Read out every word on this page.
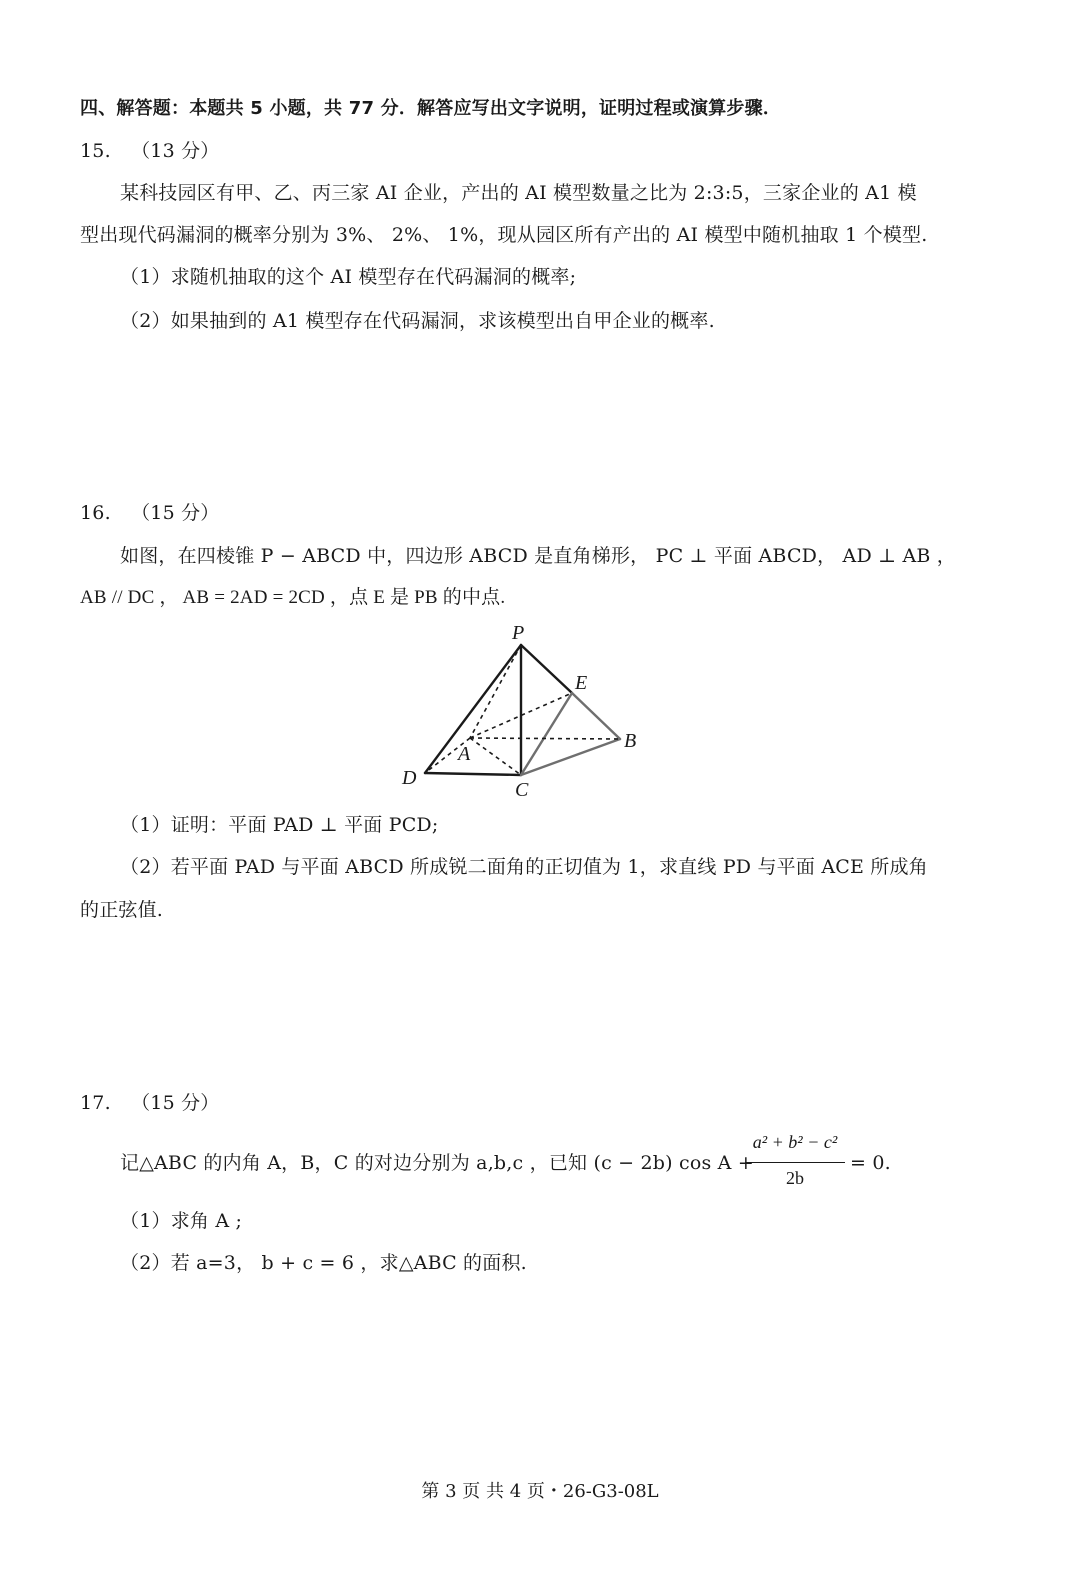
四、解答题：本题共 5 小题，共 77 分．解答应写出文字说明，证明过程或演算步骤．
15. （13 分）
某科技园区有甲、乙、丙三家 AI 企业，产出的 AI 模型数量之比为 2:3:5，三家企业的 A1 模
型出现代码漏洞的概率分别为 3%、 2%、 1%，现从园区所有产出的 AI 模型中随机抽取 1 个模型.
（1）求随机抽取的这个 AI 模型存在代码漏洞的概率;
（2）如果抽到的 A1 模型存在代码漏洞，求该模型出自甲企业的概率.
16. （15 分）
如图，在四棱锥 P − ABCD 中，四边形 ABCD 是直角梯形， PC ⊥ 平面 ABCD， AD ⊥ AB ，
AB // DC ， AB = 2AD = 2CD ，点 E 是 PB 的中点.
P
E
A
B
C
D
（1）证明：平面 PAD ⊥ 平面 PCD;
（2）若平面 PAD 与平面 ABCD 所成锐二面角的正切值为 1，求直线 PD 与平面 ACE 所成角
的正弦值.
17. （15 分）
记△ABC 的内角 A，B，C 的对边分别为 a,b,c ，已知 (c − 2b) cos A +
a² + b² − c²
2b
= 0.
（1）求角 A ;
（2）若 a=3， b + c = 6 ，求△ABC 的面积.
第 3 页 共 4 页・26-G3-08L
